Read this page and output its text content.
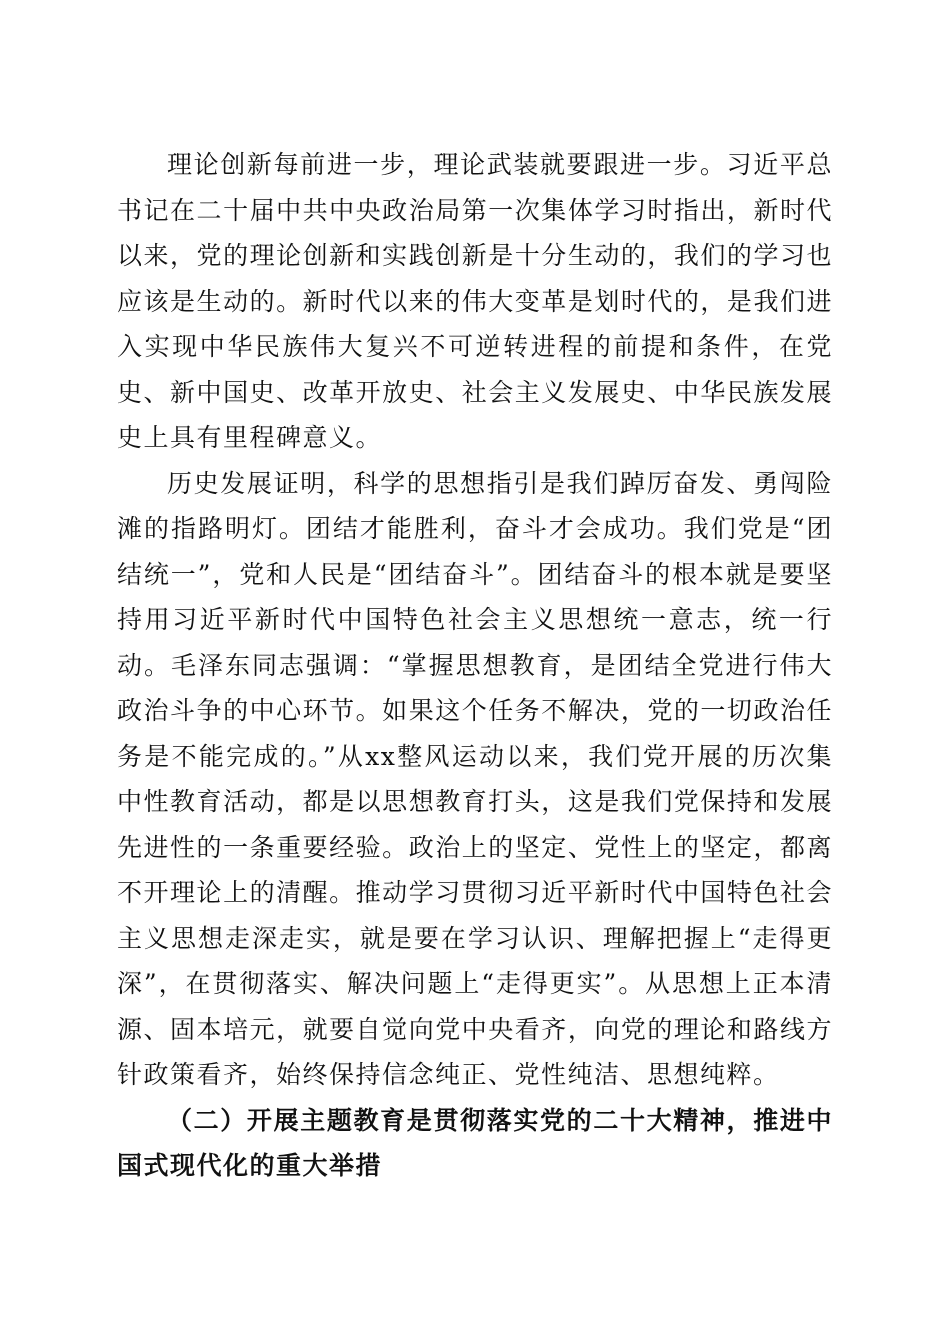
理论创新每前进一步，理论武装就要跟进一步。习近平总书记在二十届中共中央政治局第一次集体学习时指出，新时代以来，党的理论创新和实践创新是十分生动的，我们的学习也应该是生动的。新时代以来的伟大变革是划时代的，是我们进入实现中华民族伟大复兴不可逆转进程的前提和条件，在党史、新中国史、改革开放史、社会主义发展史、中华民族发展史上具有里程碑意义。

历史发展证明，科学的思想指引是我们踔厉奋发、勇闯险滩的指路明灯。团结才能胜利，奋斗才会成功。我们党是“团结统一”，党和人民是“团结奋斗”。团结奋斗的根本就是要坚持用习近平新时代中国特色社会主义思想统一意志，统一行动。毛泽东同志强调：“掌握思想教育，是团结全党进行伟大政治斗争的中心环节。如果这个任务不解决，党的一切政治任务是不能完成的。”从xx整风运动以来，我们党开展的历次集中性教育活动，都是以思想教育打头，这是我们党保持和发展先进性的一条重要经验。政治上的坚定、党性上的坚定，都离不开理论上的清醒。推动学习贯彻习近平新时代中国特色社会主义思想走深走实，就是要在学习认识、理解把握上“走得更深”，在贯彻落实、解决问题上“走得更实”。从思想上正本清源、固本培元，就要自觉向党中央看齐，向党的理论和路线方针政策看齐，始终保持信念纯正、党性纯洁、思想纯粹。

（二）开展主题教育是贯彻落实党的二十大精神，推进中国式现代化的重大举措
